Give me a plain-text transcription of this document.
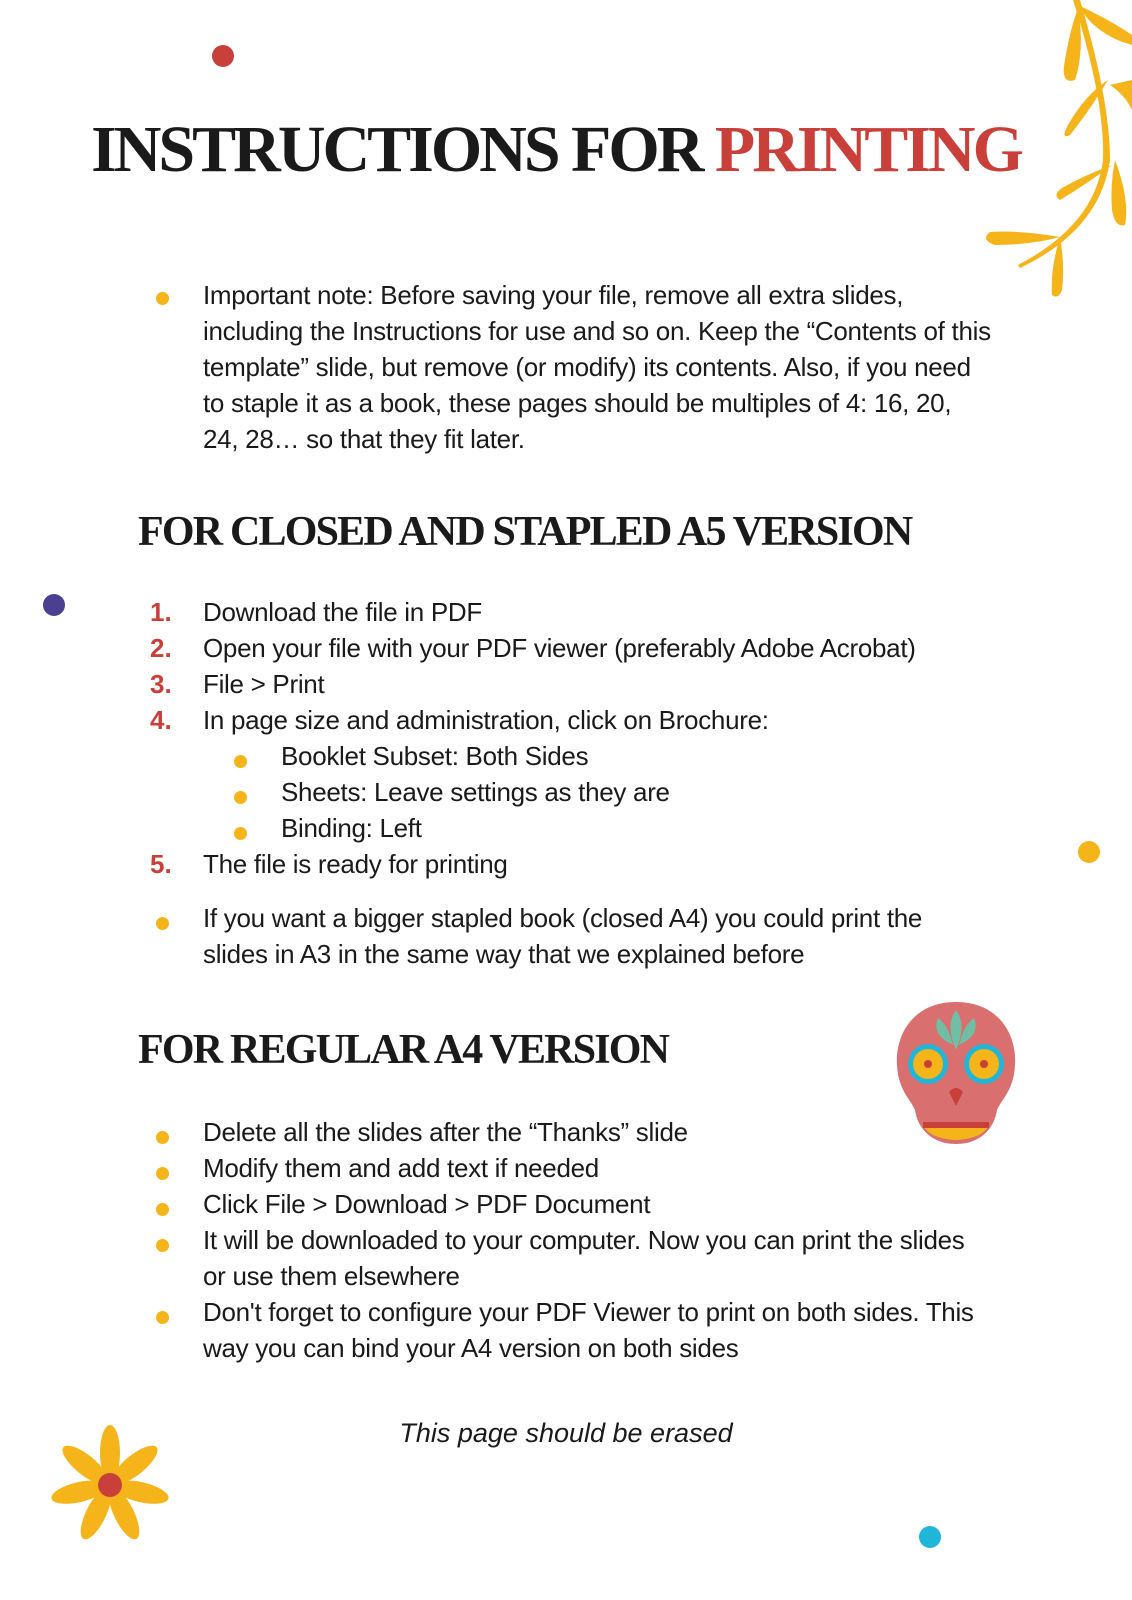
INSTRUCTIONS FOR PRINTING
Important note: Before saving your file, remove all extra slides, including the Instructions for use and so on. Keep the “Contents of this template” slide, but remove (or modify) its contents. Also, if you need to staple it as a book, these pages should be multiples of 4: 16, 20, 24, 28… so that they fit later.
FOR CLOSED AND STAPLED A5 VERSION
1. Download the file in PDF
2. Open your file with your PDF viewer (preferably Adobe Acrobat)
3. File > Print
4. In page size and administration, click on Brochure:
Booklet Subset: Both Sides
Sheets: Leave settings as they are
Binding: Left
5. The file is ready for printing
If you want a bigger stapled book (closed A4) you could print the slides in A3 in the same way that we explained before
FOR REGULAR A4 VERSION
Delete all the slides after the “Thanks” slide
Modify them and add text if needed
Click File > Download > PDF Document
It will be downloaded to your computer. Now you can print the slides or use them elsewhere
Don't forget to configure your PDF Viewer to print on both sides. This way you can bind your A4 version on both sides
This page should be erased
